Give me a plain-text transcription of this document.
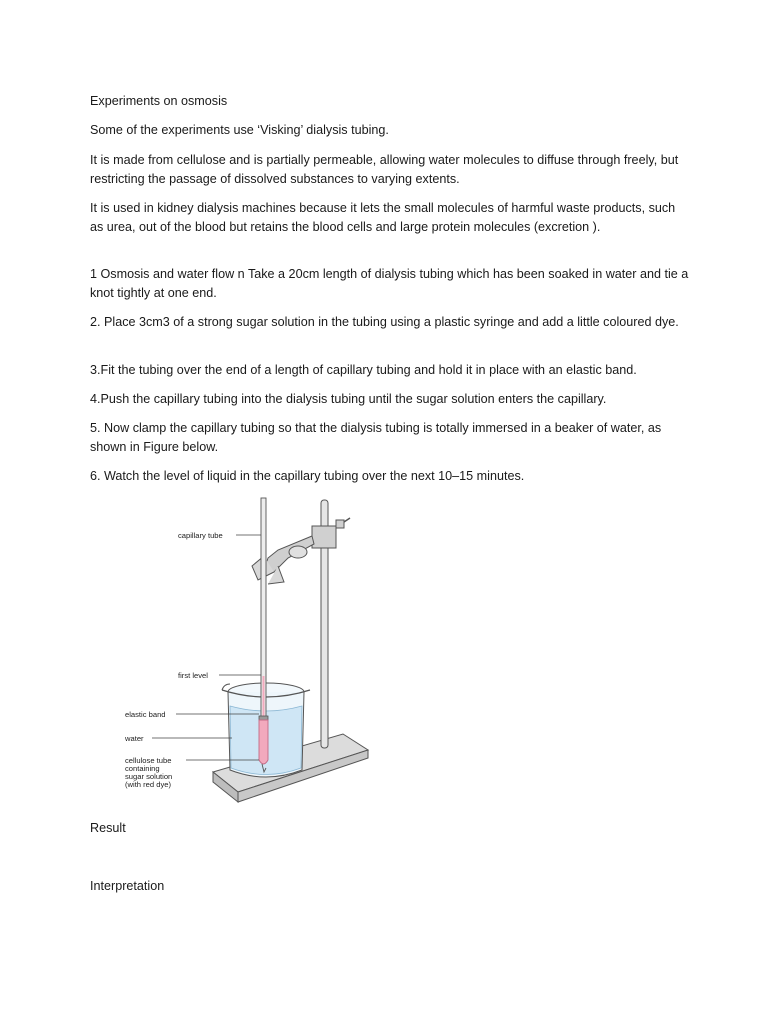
Experiments on osmosis

Some of the experiments use ‘Visking’ dialysis tubing.

It is made from cellulose and is partially permeable, allowing water molecules to diffuse through freely, but restricting the passage of dissolved substances to varying extents.

It is used in kidney dialysis machines because it lets the small molecules of harmful waste products, such as urea, out of the blood but retains the blood cells and large protein molecules (excretion ).

1 Osmosis and water flow n Take a 20cm length of dialysis tubing which has been soaked in water and tie a knot tightly at one end.

2. Place 3cm3 of a strong sugar solution in the tubing using a plastic syringe and add a little coloured dye.

3.Fit the tubing over the end of a length of capillary tubing and hold it in place with an elastic band.

4.Push the capillary tubing into the dialysis tubing until the sugar solution enters the capillary.

5. Now clamp the capillary tubing so that the dialysis tubing is totally immersed in a beaker of water, as shown in Figure below.

6. Watch the level of liquid in the capillary tubing over the next 10–15 minutes.

capillary tube
first level
elastic band
water
cellulose tube
containing
sugar solution
(with red dye)

Result

Interpretation
